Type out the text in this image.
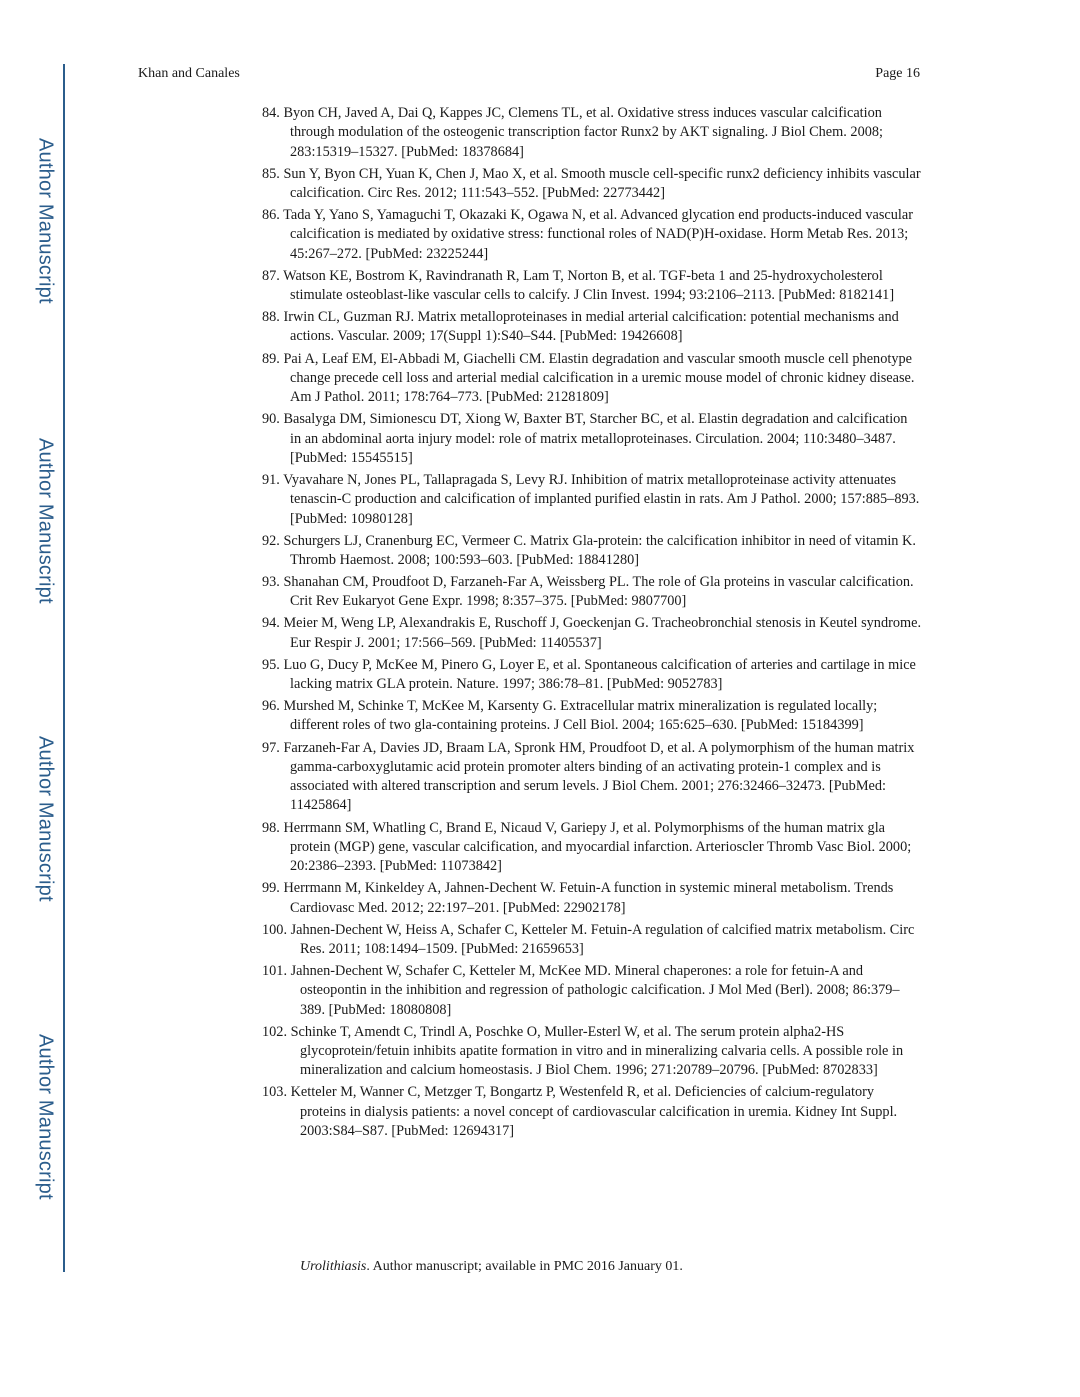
Khan and Canales	Page 16
Author Manuscript
Author Manuscript
Author Manuscript
Author Manuscript
84. Byon CH, Javed A, Dai Q, Kappes JC, Clemens TL, et al. Oxidative stress induces vascular calcification through modulation of the osteogenic transcription factor Runx2 by AKT signaling. J Biol Chem. 2008; 283:15319–15327. [PubMed: 18378684]
85. Sun Y, Byon CH, Yuan K, Chen J, Mao X, et al. Smooth muscle cell-specific runx2 deficiency inhibits vascular calcification. Circ Res. 2012; 111:543–552. [PubMed: 22773442]
86. Tada Y, Yano S, Yamaguchi T, Okazaki K, Ogawa N, et al. Advanced glycation end products-induced vascular calcification is mediated by oxidative stress: functional roles of NAD(P)H-oxidase. Horm Metab Res. 2013; 45:267–272. [PubMed: 23225244]
87. Watson KE, Bostrom K, Ravindranath R, Lam T, Norton B, et al. TGF-beta 1 and 25-hydroxycholesterol stimulate osteoblast-like vascular cells to calcify. J Clin Invest. 1994; 93:2106–2113. [PubMed: 8182141]
88. Irwin CL, Guzman RJ. Matrix metalloproteinases in medial arterial calcification: potential mechanisms and actions. Vascular. 2009; 17(Suppl 1):S40–S44. [PubMed: 19426608]
89. Pai A, Leaf EM, El-Abbadi M, Giachelli CM. Elastin degradation and vascular smooth muscle cell phenotype change precede cell loss and arterial medial calcification in a uremic mouse model of chronic kidney disease. Am J Pathol. 2011; 178:764–773. [PubMed: 21281809]
90. Basalyga DM, Simionescu DT, Xiong W, Baxter BT, Starcher BC, et al. Elastin degradation and calcification in an abdominal aorta injury model: role of matrix metalloproteinases. Circulation. 2004; 110:3480–3487. [PubMed: 15545515]
91. Vyavahare N, Jones PL, Tallapragada S, Levy RJ. Inhibition of matrix metalloproteinase activity attenuates tenascin-C production and calcification of implanted purified elastin in rats. Am J Pathol. 2000; 157:885–893. [PubMed: 10980128]
92. Schurgers LJ, Cranenburg EC, Vermeer C. Matrix Gla-protein: the calcification inhibitor in need of vitamin K. Thromb Haemost. 2008; 100:593–603. [PubMed: 18841280]
93. Shanahan CM, Proudfoot D, Farzaneh-Far A, Weissberg PL. The role of Gla proteins in vascular calcification. Crit Rev Eukaryot Gene Expr. 1998; 8:357–375. [PubMed: 9807700]
94. Meier M, Weng LP, Alexandrakis E, Ruschoff J, Goeckenjan G. Tracheobronchial stenosis in Keutel syndrome. Eur Respir J. 2001; 17:566–569. [PubMed: 11405537]
95. Luo G, Ducy P, McKee M, Pinero G, Loyer E, et al. Spontaneous calcification of arteries and cartilage in mice lacking matrix GLA protein. Nature. 1997; 386:78–81. [PubMed: 9052783]
96. Murshed M, Schinke T, McKee M, Karsenty G. Extracellular matrix mineralization is regulated locally; different roles of two gla-containing proteins. J Cell Biol. 2004; 165:625–630. [PubMed: 15184399]
97. Farzaneh-Far A, Davies JD, Braam LA, Spronk HM, Proudfoot D, et al. A polymorphism of the human matrix gamma-carboxyglutamic acid protein promoter alters binding of an activating protein-1 complex and is associated with altered transcription and serum levels. J Biol Chem. 2001; 276:32466–32473. [PubMed: 11425864]
98. Herrmann SM, Whatling C, Brand E, Nicaud V, Gariepy J, et al. Polymorphisms of the human matrix gla protein (MGP) gene, vascular calcification, and myocardial infarction. Arterioscler Thromb Vasc Biol. 2000; 20:2386–2393. [PubMed: 11073842]
99. Herrmann M, Kinkeldey A, Jahnen-Dechent W. Fetuin-A function in systemic mineral metabolism. Trends Cardiovasc Med. 2012; 22:197–201. [PubMed: 22902178]
100. Jahnen-Dechent W, Heiss A, Schafer C, Ketteler M. Fetuin-A regulation of calcified matrix metabolism. Circ Res. 2011; 108:1494–1509. [PubMed: 21659653]
101. Jahnen-Dechent W, Schafer C, Ketteler M, McKee MD. Mineral chaperones: a role for fetuin-A and osteopontin in the inhibition and regression of pathologic calcification. J Mol Med (Berl). 2008; 86:379–389. [PubMed: 18080808]
102. Schinke T, Amendt C, Trindl A, Poschke O, Muller-Esterl W, et al. The serum protein alpha2-HS glycoprotein/fetuin inhibits apatite formation in vitro and in mineralizing calvaria cells. A possible role in mineralization and calcium homeostasis. J Biol Chem. 1996; 271:20789–20796. [PubMed: 8702833]
103. Ketteler M, Wanner C, Metzger T, Bongartz P, Westenfeld R, et al. Deficiencies of calcium-regulatory proteins in dialysis patients: a novel concept of cardiovascular calcification in uremia. Kidney Int Suppl. 2003:S84–S87. [PubMed: 12694317]
Urolithiasis. Author manuscript; available in PMC 2016 January 01.
